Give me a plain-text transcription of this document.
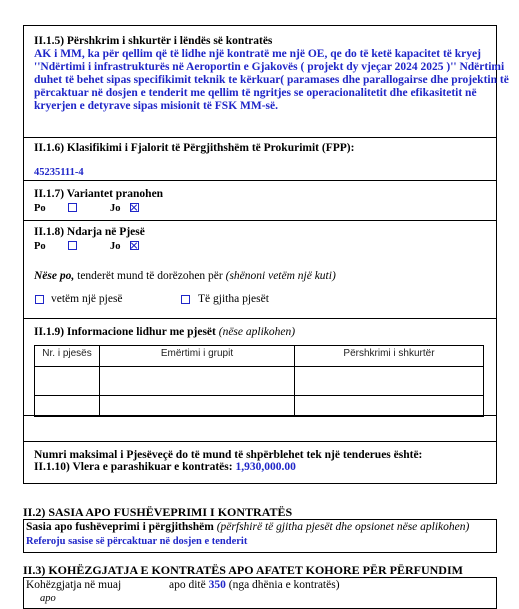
II.1.5) Përshkrim i shkurtër i lëndës së kontratës
AK i MM, ka për qellim që të lidhe një kontratë me një OE, qe do të ketë kapacitet të kryej
''Ndërtimi i infrastrukturës në Aeroportin e Gjakovës ( projekt dy vjeçar 2024 2025 )'' Ndërtimi
duhet të behet sipas specifikimit teknik te kërkuar( paramases dhe parallogairse dhe projektin të
përcaktuar në dosjen e tenderit me qellim të ngritjes se operacionalitetit dhe efikasitetit në
kryerjen e detyrave sipas misionit të FSK MM-së.
II.1.6) Klasifikimi i Fjalorit të Përgjithshëm të Prokurimit (FPP):
45235111-4
II.1.7) Variantet pranohen
Po	Jo
II.1.8) Ndarja në Pjesë
Po	Jo
Nëse po, tenderët mund të dorëzohen për (shënoni vetëm një kuti)
vetëm një pjesë	Të gjitha pjesët
II.1.9) Informacione lidhur me pjesët (nëse aplikohen)
Nr. i pjesës	Emërtimi i grupit	Përshkrimi i shkurtër

Numri maksimal i Pjesëveçë do të mund të shpërblehet tek një tenderues është:
II.1.10) Vlera e parashikuar e kontratës: 1,930,000.00
II.2) SASIA APO FUSHËVEPRIMI I KONTRATËS
Sasia apo fushëveprimi i përgjithshëm (përfshirë të gjitha pjesët dhe opsionet nëse aplikohen)
Referoju sasise së përcaktuar në dosjen e tenderit
II.3) KOHËZGJATJA E KONTRATËS APO AFATET KOHORE PËR PËRFUNDIM
Kohëzgjatja në muaj
apo
apo ditë 350 (nga dhënia e kontratës)
